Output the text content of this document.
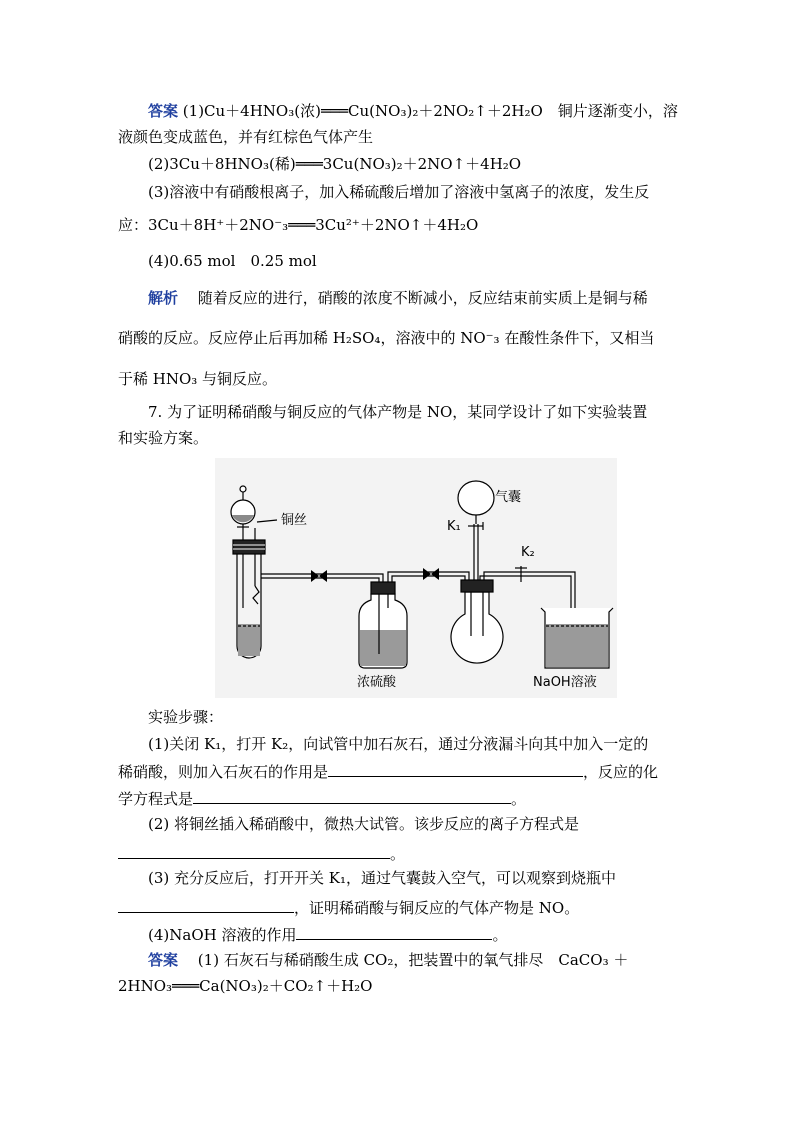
答案 (1)Cu＋4HNO₃(浓)═══Cu(NO₃)₂＋2NO₂↑＋2H₂O　铜片逐渐变小，溶
液颜色变成蓝色，并有红棕色气体产生
(2)3Cu＋8HNO₃(稀)═══3Cu(NO₃)₂＋2NO↑＋4H₂O
(3)溶液中有硝酸根离子，加入稀硫酸后增加了溶液中氢离子的浓度，发生反
应：3Cu＋8H⁺＋2NO⁻₃═══3Cu²⁺＋2NO↑＋4H₂O
(4)0.65 mol　0.25 mol
解析　 随着反应的进行，硝酸的浓度不断减小，反应结束前实质上是铜与稀
硝酸的反应。反应停止后再加稀 H₂SO₄，溶液中的 NO⁻₃ 在酸性条件下，又相当
于稀 HNO₃ 与铜反应。
7. 为了证明稀硝酸与铜反应的气体产物是 NO，某同学设计了如下实验装置
和实验方案。
铜丝
浓硫酸
气囊
K₁
K₂
NaOH溶液
实验步骤：
(1)关闭 K₁，打开 K₂，向试管中加石灰石，通过分液漏斗向其中加入一定的
稀硝酸，则加入石灰石的作用是	，反应的化
学方程式是	。
(2) 将铜丝插入稀硝酸中，微热大试管。该步反应的离子方程式是
。
(3) 充分反应后，打开开关 K₁，通过气囊鼓入空气，可以观察到烧瓶中
，证明稀硝酸与铜反应的气体产物是 NO。
(4)NaOH 溶液的作用	。
答案　 (1) 石灰石与稀硝酸生成 CO₂，把装置中的氧气排尽　CaCO₃ ＋
2HNO₃═══Ca(NO₃)₂＋CO₂↑＋H₂O
